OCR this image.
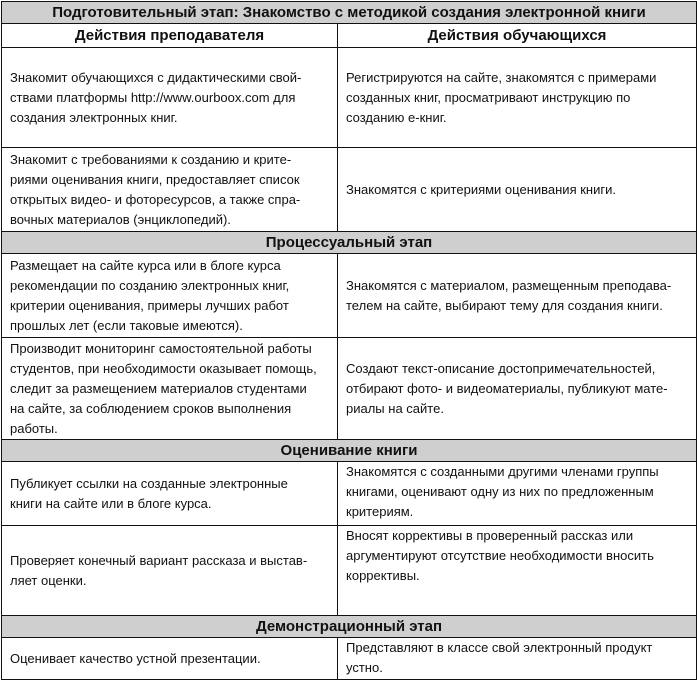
Подготовительный этап: Знакомство с методикой создания электронной книги	
Действия преподавателя	Действия обучающихся
Знакомит обучающихся с дидактическими свой-
ствами платформы http://www.ourboox.com для
создания электронных книг.	Регистрируются на сайте, знакомятся с примерами
созданных книг, просматривают инструкцию по
созданию е-книг.
Знакомит с требованиями к созданию и крите-
риями оценивания книги, предоставляет список
открытых видео- и фоторесурсов, а также спра-
вочных материалов (энциклопедий).	Знакомятся с критериями оценивания книги.
Процессуальный этап	
Размещает на сайте курса или в блоге курса
рекомендации по созданию электронных книг,
критерии оценивания, примеры лучших работ
прошлых лет (если таковые имеются).	Знакомятся с материалом, размещенным преподава-
телем на сайте, выбирают тему для создания книги.
Производит мониторинг самостоятельной работы
студентов, при необходимости оказывает помощь,
следит за размещением материалов студентами
на сайте, за соблюдением сроков выполнения
работы.	Создают текст-описание достопримечательностей,
отбирают фото- и видеоматериалы, публикуют мате-
риалы на сайте.
Оценивание книги	
Публикует ссылки на созданные электронные
книги на сайте или в блоге курса.	Знакомятся с созданными другими членами группы
книгами, оценивают одну из них по предложенным
критериям.
Проверяет конечный вариант рассказа и выстав-
ляет оценки.	Вносят коррективы в проверенный рассказ или
аргументируют отсутствие необходимости вносить
коррективы.
Демонстрационный этап	
Оценивает качество устной презентации.	Представляют в классе свой электронный продукт
устно.
